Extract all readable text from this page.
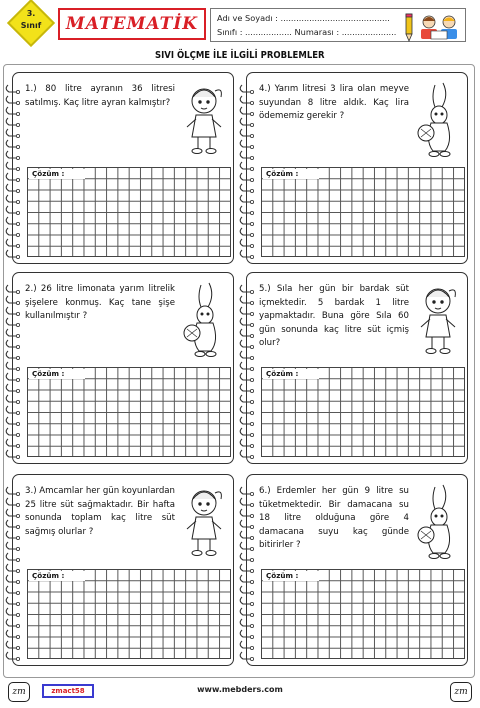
3.
Sınıf	MATEMATİK	Adı ve Soyadı : ..........................................
Sınıfı : .................. Numarası : .....................
SIVI ÖLÇME İLE İLGİLİ PROBLEMLER
1.) 80 litre ayranın 36 litresi satılmış. Kaç litre ayran kalmıştır?
Çözüm :
4.) Yarım litresi 3 lira olan meyve suyundan 8 litre aldık. Kaç lira ödememiz gerekir ?
Çözüm :
2.) 26 litre limonata yarım litrelik şişelere konmuş. Kaç tane şişe kullanılmıştır ?
Çözüm :
5.) Sıla her gün bir bardak süt içmektedir. 5 bardak 1 litre yapmaktadır. Buna göre Sıla 60 gün sonunda kaç litre süt içmiş olur?
Çözüm :
3.) Amcamlar her gün koyunlardan 25 litre süt sağmaktadır. Bir hafta sonunda toplam kaç litre süt sağmış olurlar ?
Çözüm :
6.) Erdemler her gün 9 litre su tüketmektedir. Bir damacana su 18 litre olduğuna göre 4 damacana suyu kaç günde bitirirler ?
Çözüm :
zm	zmact58	www.mebders.com	zm
